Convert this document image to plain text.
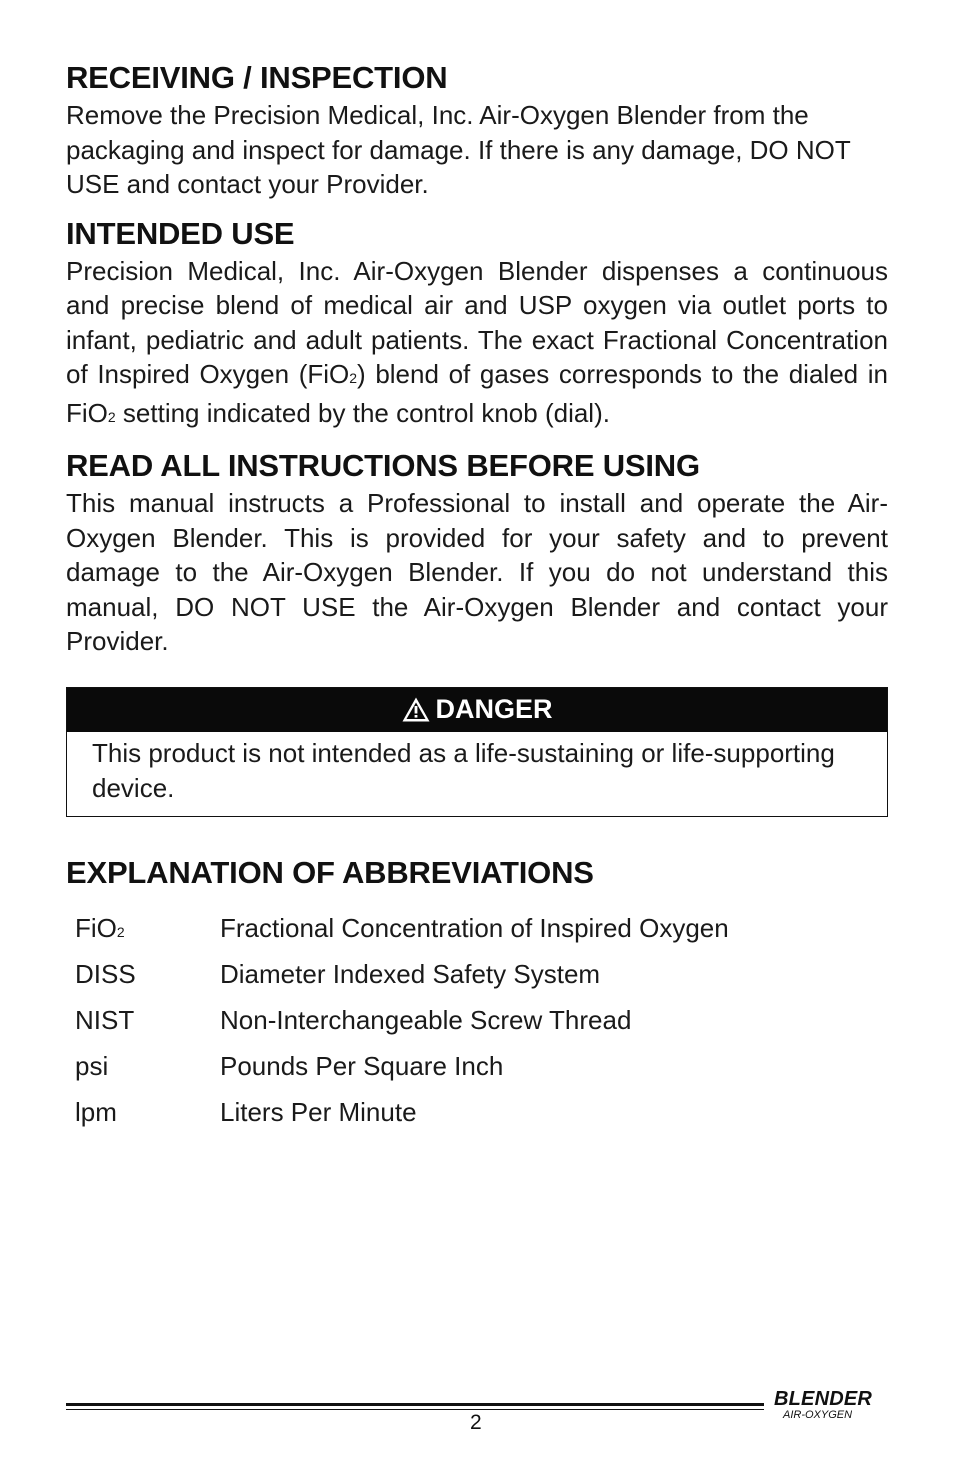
RECEIVING / INSPECTION

Remove the Precision Medical, Inc. Air-Oxygen Blender from the packaging and inspect for damage. If there is any damage, DO NOT USE and contact your Provider.

INTENDED USE

Precision Medical, Inc. Air-Oxygen Blender dispenses a continuous and precise blend of medical air and USP oxygen via outlet ports to infant, pediatric and adult patients. The exact Fractional Concentration of Inspired Oxygen (FiO2) blend of gases corresponds to the dialed in FiO2 setting indicated by the control knob (dial).

READ ALL INSTRUCTIONS BEFORE USING

This manual instructs a Professional to install and operate the Air-Oxygen Blender. This is provided for your safety and to prevent damage to the Air-Oxygen Blender. If you do not understand this manual, DO NOT USE the Air-Oxygen Blender and contact your Provider.

DANGER
This product is not intended as a life-sustaining or life-supporting device.
EXPLANATION OF ABBREVIATIONS
FiO2	Fractional Concentration of Inspired Oxygen
DISS	Diameter Indexed Safety System
NIST	Non-Interchangeable Screw Thread
psi	Pounds Per Square Inch
lpm	Liters Per Minute
2
BLENDER
AIR-OXYGEN
